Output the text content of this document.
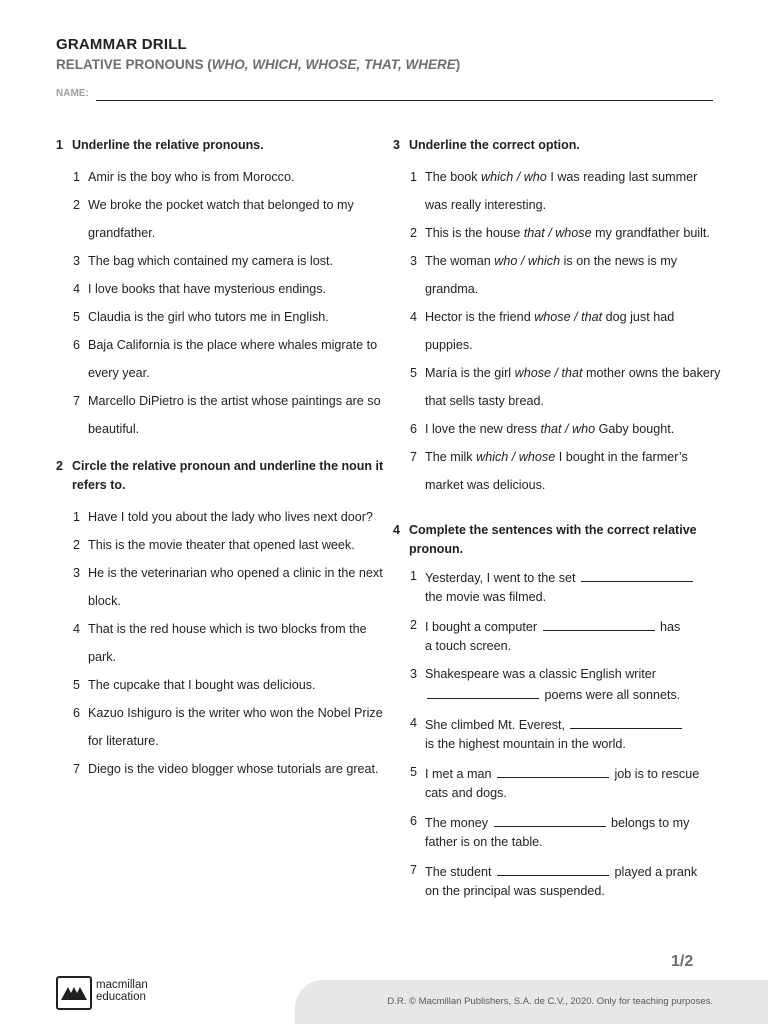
GRAMMAR DRILL
RELATIVE PRONOUNS (WHO, WHICH, WHOSE, THAT, WHERE)
NAME:
1 Underline the relative pronouns.
1 Amir is the boy who is from Morocco.
2 We broke the pocket watch that belonged to my grandfather.
3 The bag which contained my camera is lost.
4 I love books that have mysterious endings.
5 Claudia is the girl who tutors me in English.
6 Baja California is the place where whales migrate to every year.
7 Marcello DiPietro is the artist whose paintings are so beautiful.
2 Circle the relative pronoun and underline the noun it refers to.
1 Have I told you about the lady who lives next door?
2 This is the movie theater that opened last week.
3 He is the veterinarian who opened a clinic in the next block.
4 That is the red house which is two blocks from the park.
5 The cupcake that I bought was delicious.
6 Kazuo Ishiguro is the writer who won the Nobel Prize for literature.
7 Diego is the video blogger whose tutorials are great.
3 Underline the correct option.
1 The book which / who I was reading last summer was really interesting.
2 This is the house that / whose my grandfather built.
3 The woman who / which is on the news is my grandma.
4 Hector is the friend whose / that dog just had puppies.
5 María is the girl whose / that mother owns the bakery that sells tasty bread.
6 I love the new dress that / who Gaby bought.
7 The milk which / whose I bought in the farmer’s market was delicious.
4 Complete the sentences with the correct relative pronoun.
1 Yesterday, I went to the set
the movie was filmed.
2 I bought a computer	has
a touch screen.
3 Shakespeare was a classic English writer
poems were all sonnets.
4 She climbed Mt. Everest,
is the highest mountain in the world.
5 I met a man	job is to rescue
cats and dogs.
6 The money	belongs to my
father is on the table.
7 The student	played a prank
on the principal was suspended.
1/2
macmillan
education	D.R. © Macmillan Publishers, S.A. de C.V., 2020. Only for teaching purposes.
